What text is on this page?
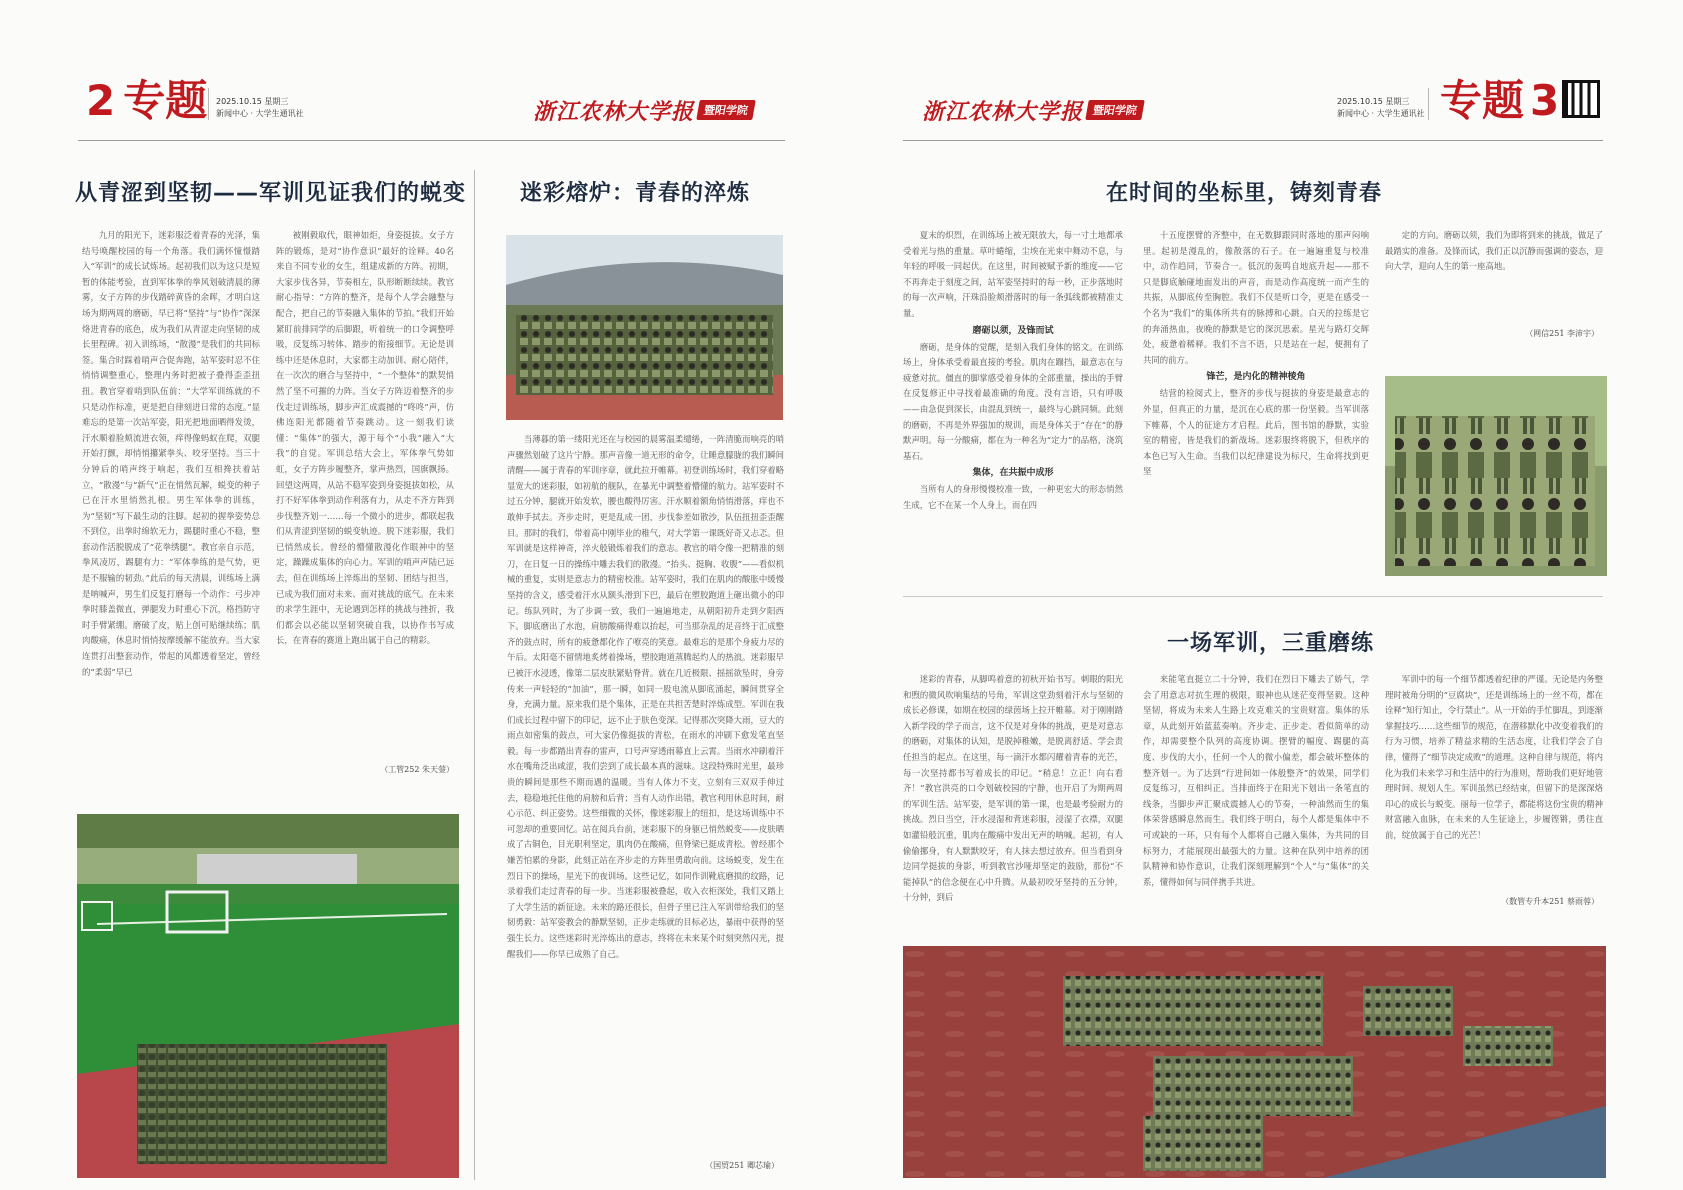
2 专题 2025.10.15 星期三
新闻中心 · 大学生通讯社	浙江农林大学报 暨阳学院	浙江农林大学报 暨阳学院
2025.10.15 星期三
新闻中心 · 大学生通讯社 专题 3
从青涩到坚韧——军训见证我们的蜕变

九月的阳光下，迷彩服泛着青春的光泽，集结号唤醒校园的每一个角落。我们满怀憧憬踏入“军训”的成长试炼场。起初我们以为这只是短暂的体能考验，直到军体拳的拳风划破清晨的薄雾，女子方阵的步伐踏碎黄昏的余晖，才明白这场为期两周的磨砺，早已将“坚持”与“协作”深深烙进青春的底色，成为我们从青涩走向坚韧的成长里程碑。初入训练场，“散漫”是我们的共同标签。集合时踩着哨声合促奔跑，站军姿时忍不住悄悄调整重心，整理内务时把被子叠得歪歪扭扭。教官穿着哨到队伍前：“大学军训练就的不只是动作标准，更是把自律刻进日常的态度。”显难忘的是第一次站军姿，阳光把地面晒得发烫，汗水顺着脸颊流进衣领，痒得像蚂蚁在爬，双腿开始打颤，却悄悄攥紧拳头、咬牙坚持。当三十分钟后的哨声终于响起，我们互相搀扶着站立，“散漫”与“新气”正在悄然瓦解，蜕变的种子已在汗水里悄然扎根。男生军体拳的训练，为“坚韧”写下最生动的注脚。起初的握拳姿势总不到位，出拳时绵软无力，踢腿时重心不稳，整套动作活脱脱成了“花拳绣腿”。教官亲自示范，拳风凌厉，踢腿有力：“军体拳练的是气势，更是不服输的韧劲。”此后的每天清晨，训练场上满是呐喊声，男生们反复打磨每一个动作：弓步冲拳时膝盖微直，弹腿发力时重心下沉，格挡防守时手臂紧绷。磨破了皮，贴上创可贴继续练；肌肉酸痛，休息时悄悄按摩缓解不能放弃。当大家连贯打出整套动作，带起的风都透着坚定，曾经的“柔弱”早已

被刚毅取代，眼神如炬，身姿挺拔。女子方阵的锻炼，是对“协作意识”最好的诠释。40名来自不同专业的女生，组建成新的方阵。初期，大家步伐各异，节奏相左，队形断断续续。教官耐心指导：“方阵的整齐，是每个人学会融整与配合，把自己的节奏融入集体的节拍。”我们开始紧盯前排同学的后脚跟，听着统一的口令调整呼吸，反复练习转体、踏步的衔接细节。无论是训练中还是休息时，大家都主动加训、耐心陪伴，在一次次的磨合与坚持中，“一个整体”的默契悄然了坚不可摧的力阵。当女子方阵迈着整齐的步伐走过训练场，脚步声汇成震撼的“咚咚”声，仿佛连阳光都随着节奏跳动。这一刻我们读懂：“集体”的强大，源于每个“小我”融入“大我”的自觉。军训总结大会上，军体拳气势如虹，女子方阵步履整齐，掌声热烈，国旗飘扬。回望这两周，从站不稳军姿到身姿挺拔如松，从打不好军体拳到动作利落有力，从走不齐方阵到步伐整齐划一……每一个微小的进步，都联起我们从青涩到坚韧的蜕变轨迹。脱下迷彩服，我们已悄然成长。曾经的懵懂散漫化作眼神中的坚定，躁躁成集体的向心力。军训的哨声声陆已远去，但在训练场上淬炼出的坚韧、团结与担当，已成为我们面对未来、面对挑战的底气。在未来的求学生涯中，无论遇到怎样的挑战与挫折，我们都会以必能以坚韧突破自我，以协作书写成长，在青春的赛道上跑出属于自己的精彩。

（工管252 朱天蓥）
迷彩熔炉：青春的淬炼

当薄暮的第一缕阳光还在与校园的晨雾温柔缱绻，一阵清脆而响亮的哨声骤然划破了这片宁静。那声音像一道无形的命令，让睡意朦胧的我们瞬间清醒——属于青春的军训序章，就此拉开帷幕。初登训练场时，我们穿着略显宽大的迷彩服，如初航的舰队，在暴光中调整着懵懂的航力。站军姿时不过五分钟，腿就开始发软，腰也酸得厉害。汗水顺着额角悄悄滑落，痒也不敢伸手拭去。齐步走时，更是乱成一团，步伐参差如散沙，队伍扭扭歪歪醒目。那时的我们，带着高中刚毕业的稚气，对大学第一课既好奇又忐忑。但军训就是这样神奇，淬火般锻炼着我们的意志。教官的哨令像一把精准的刻刀，在日复一日的操练中雕去我们的散漫。“抬头、挺胸、收腹”——看似机械的重复，实则是意志力的精密校准。站军姿时，我们在肌肉的酸胀中缓慢坚持的含义，感受着汗水从额头滑到下巴，最后在塑胶跑道上砸出微小的印记。练队列时，为了步调一致，我们一遍遍地走，从朝阳初升走到夕阳西下。脚底磨出了水泡，肩膀酸痛得难以抬起，可当那杂乱的足音终于汇成整齐的鼓点时，所有的疲惫都化作了嘹亮的笑意。最难忘的是那个身疲力尽的午后。太阳毫不留情地炙烤着操场，塑胶跑道蒸腾起灼人的热浪。迷彩服早已被汗水浸透，像第二层皮肤紧贴脊背。就在几近极限、摇摇欲坠时，身旁传来一声轻轻的“加油”，那一瞬，如同一股电流从脚底涌起，瞬间贯穿全身，充满力量。原来我们是个集体，正是在共担苦楚时淬炼成型。军训在我们成长过程中留下的印记，远不止于肤色变深。记得那次突降大雨，豆大的雨点如密集的鼓点，可大家仍像挺拔的青松，在雨水的冲刷下愈发笔直坚毅。每一步都踏出青春的雷声，口号声穿透雨幕直上云霄。当雨水冲刷着汗水在嘴角泛出咸涩，我们尝到了成长最本真的滋味。这段特殊时光里，最珍贵的瞬间是那些不期而遇的温暖。当有人体力不支，立刻有三双双手伸过去，稳稳地托住他的肩膀和后背；当有人动作出错，教官利用休息时间，耐心示范、纠正姿势。这些细微的关怀，像迷彩服上的纽扣，是这场训练中不可忽却的重要回忆。站在阅兵台前，迷彩服下的身躯已悄然蜕变——皮肤晒成了古铜色，目光职利坚定，肌肉仍在酸痛，但脊梁已挺成青松。曾经那个嫌苦怕累的身影，此刻正站在齐步走的方阵里勇敢向前。这场蜕变，发生在烈日下的操场，星光下的夜训场。这些记忆，如同作训靴底磨损的纹路，记录着我们走过青春的每一步。当迷彩服被叠起，收入衣柜深处，我们又踏上了大学生活的新征途。未来的路还很长，但骨子里已注入军训带给我们的坚韧勇毅：站军姿教会的静默坚韧，正步走练就的目标必达，暴雨中获得的坚强生长力。这些迷彩时光淬炼出的意志，终将在未来某个时刻突然闪光，提醒我们——你早已成熟了自己。

（国贸251 卿芯瑜）
在时间的坐标里，铸刻青春

夏末的炽烈，在训练场上被无限放大，每一寸土地都承受着光与热的重量。草叶蜷缩，尘埃在光束中舞动不息，与年轻的呼吸一同起伏。在这里，时间被赋予新的维度——它不再奔走于刻度之间，站军姿坚持时的每一秒，正步落地时的每一次声响，汗珠沿脸颊滑落时的每一条弧线都被精准丈量。

磨砺以须，及锋而试

磨砺，是身体的觉醒，是刻入我们身体的铭文。在训练场上，身体承受着最直接的考验。肌肉在蹦挡，最意志在与疲惫对抗。僵直的脚掌感受着身体的全部重量，操出的手臂在反复修正中寻找着最准确的角度。没有言语，只有呼吸——由急促到深长，由混乱到统一，最终与心跳同频。此刻的磨砺，不再是外界强加的规训，而是身体关于“存在”的静默声明。每一分酸痛，都在为一种名为“定力”的品格，浇筑基石。

集体，在共振中成形

当所有人的身形慢慢校准一致，一种更宏大的形态悄然生成，它不在某一个人身上，而在四

十五度摆臂的齐整中，在无数脚跟同时落地的那声闷响里。起初是漫乱的，像散落的石子。在一遍遍重复与校准中，动作趋同，节奏合一。低沉的轰鸣自地底升起——那不只是脚底触碰地面发出的声音，而是动作高度统一而产生的共振，从脚底传至胸腔。我们不仅是听口令，更是在感受一个名为“我们”的集体所共有的脉搏和心跳。白天的拉练是它的奔涌热血，夜晚的静默是它的深沉思索。星光与路灯交辉处，疲惫着稀释。我们不言不语，只是站在一起，便拥有了共同的前方。

锋芒，是内化的精神棱角

结营的检阅式上，整齐的步伐与挺拔的身姿是最意志的外显，但真正的力量，是沉在心底的那一份坚毅。当军训落下帷幕，个人的征途方才启程。此后，图书馆的静默，实验室的精密，皆是我们的新战场。迷彩服终将脱下，但秩序的本色已写入生命。当我们以纪律建设为标尺，生命将找到更坚

定的方向。磨砺以须，我们为即将到来的挑战，做足了最踏实的准备。及锋而试，我们正以沉静而强调的姿态，迎向大学，迎向人生的第一座高地。

（网信251 李沛宇）
一场军训，三重磨练

迷彩的青春，从脚鸣着意的初秋开始书写。刺眼的阳光和煦的微风吹响集结的号角，军训这堂劲刻着汗水与坚韧的成长必修课，如期在校园的绿茵场上拉开帷幕。对于刚刚踏入新学段的学子而言，这不仅是对身体的挑战，更是对意志的磨砺，对集体的认知，是脱掉稚嫩，是脱离舒适、学会责任担当的起点。在这里，每一滴汗水都闪耀着青春的光芒，每一次坚持都书写着成长的印记。“稍息！立正！向右看齐！”教官洪亮的口令划破校园的宁静，也开启了为期两周的军训生活。站军姿，是军训的第一课，也是最考验耐力的挑战。烈日当空，汗水浸湿和背迷彩服，浸湿了衣襟，双腿如灌铅般沉重，肌肉在酸痛中发出无声的呐喊。起初，有人偷偷挪身，有人默默咬牙，有人抹去想过放弃。但当看到身边同学挺拔的身影，听到教官沙哑却坚定的鼓励，那份“不能掉队”的信念便在心中升腾。从最初咬牙坚持的五分钟，十分钟，到后

来能笔直挺立二十分钟，我们在烈日下雕去了娇气，学会了用意志对抗生理的极限，眼神也从迷茫变得坚毅。这种坚韧，将成为未来人生路上攻克难关的宝贵财富。集体的乐章，从此刻开始蓝蓝奏响。齐步走、正步走、看似简单的动作，却需要整个队列的高度协调。摆臂的幅度、踢腿的高度、步伐的大小，任何一个人的微小偏差，都会破坏整体的整齐划一。为了达到“行进间如一体般整齐”的效果，同学们反复练习，互相纠正。当排面终于在阳光下划出一条笔直的线条，当脚步声汇聚成震撼人心的节奏，一种油然而生的集体荣誉感瞬息然而生。我们终于明白，每个人都是集体中不可或缺的一环，只有每个人都将自己融入集体，为共同的目标努力，才能展现出最强大的力量。这种在队列中培养的团队精神和协作意识，让我们深刻理解到“个人”与“集体”的关系，懂得如何与同伴携手共进。

军训中的每一个细节都透着纪律的严谨。无论是内务整理时被角分明的“豆腐块”，还是训练场上的一丝不苟，都在诠释“知行知止，令行禁止”。从一开始的手忙脚乱，到逐渐掌握技巧……这些细节的规范，在潜移默化中改变着我们的行为习惯，培养了精益求精的生活态度，让我们学会了自律，懂得了“细节决定成败”的道理。这种自律与规范，将内化为我们未来学习和生活中的行为准则，帮助我们更好地管理时间、规划人生。军训虽然已经结束，但留下的是深深烙印心的成长与蜕变。丽每一位学子，都能将这份宝贵的精神财富融入血脉，在未来的人生征途上，步履铿锵，勇往直前，绽放属于自己的光芒！

（数管专升本251 蔡雨蓉）
